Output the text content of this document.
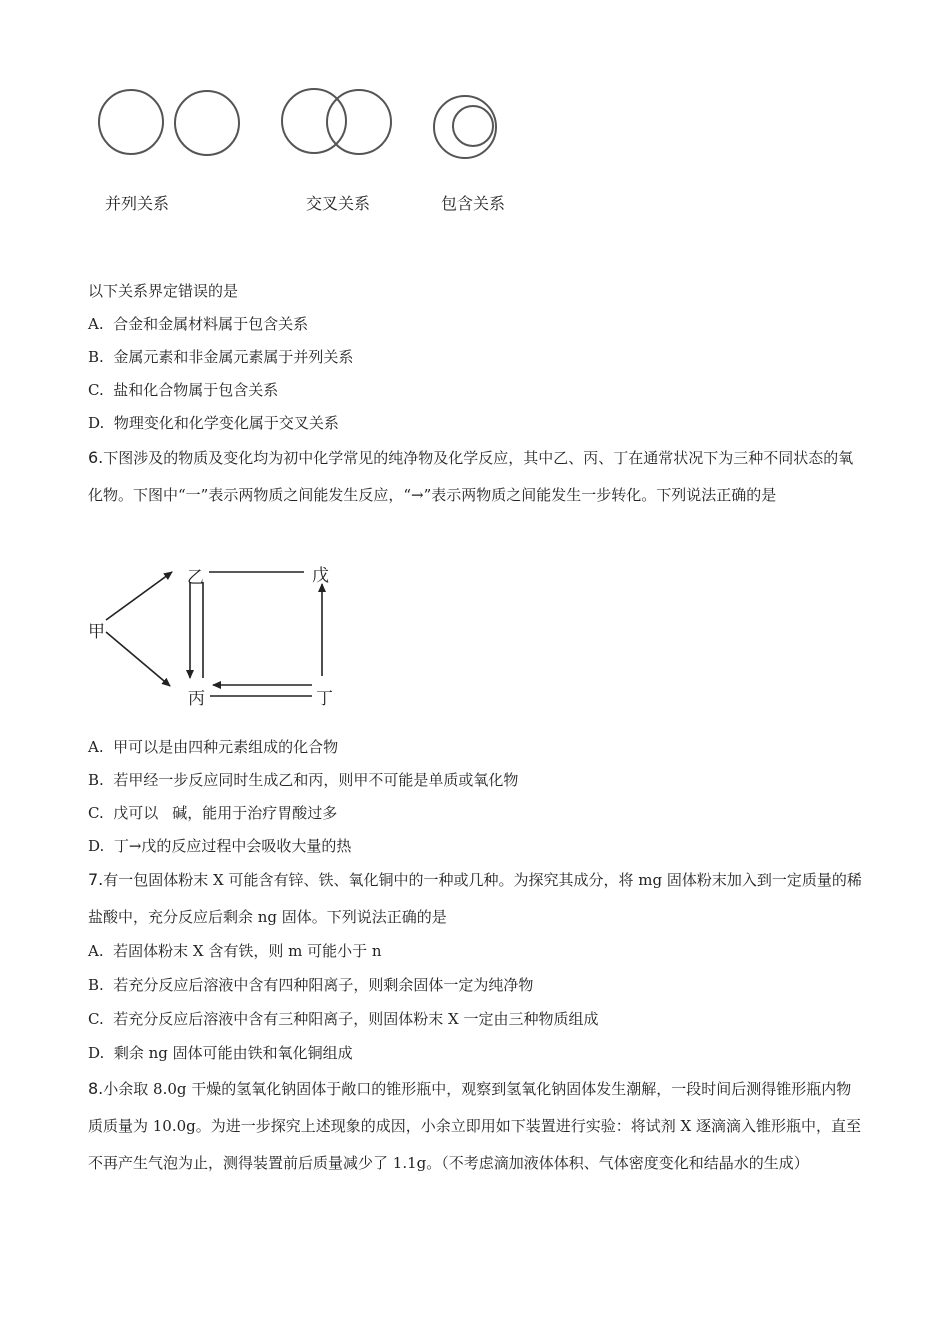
并列关系	交叉关系	包含关系
以下关系界定错误的是
A. 合金和金属材料属于包含关系
B. 金属元素和非金属元素属于并列关系
C. 盐和化合物属于包含关系
D. 物理变化和化学变化属于交叉关系
6.下图涉及的物质及变化均为初中化学常见的纯净物及化学反应，其中乙、丙、丁在通常状况下为三种不同状态的氧化物。下图中“一”表示两物质之间能发生反应，“→”表示两物质之间能发生一步转化。下列说法正确的是
甲
乙	戊
丙	丁
A. 甲可以是由四种元素组成的化合物
B. 若甲经一步反应同时生成乙和丙，则甲不可能是单质或氧化物
C. 戊可以 碱，能用于治疗胃酸过多
D. 丁→戊的反应过程中会吸收大量的热
7.有一包固体粉末 X 可能含有锌、铁、氧化铜中的一种或几种。为探究其成分，将 mg 固体粉末加入到一定质量的稀盐酸中，充分反应后剩余 ng 固体。下列说法正确的是
A. 若固体粉末 X 含有铁，则 m 可能小于 n
B. 若充分反应后溶液中含有四种阳离子，则剩余固体一定为纯净物
C. 若充分反应后溶液中含有三种阳离子，则固体粉末 X 一定由三种物质组成
D. 剩余 ng 固体可能由铁和氧化铜组成
8.小余取 8.0g 干燥的氢氧化钠固体于敞口的锥形瓶中，观察到氢氧化钠固体发生潮解，一段时间后测得锥形瓶内物质质量为 10.0g。为进一步探究上述现象的成因，小余立即用如下装置进行实验：将试剂 X 逐滴滴入锥形瓶中，直至不再产生气泡为止，测得装置前后质量减少了 1.1g。（不考虑滴加液体体积、气体密度变化和结晶水的生成）
